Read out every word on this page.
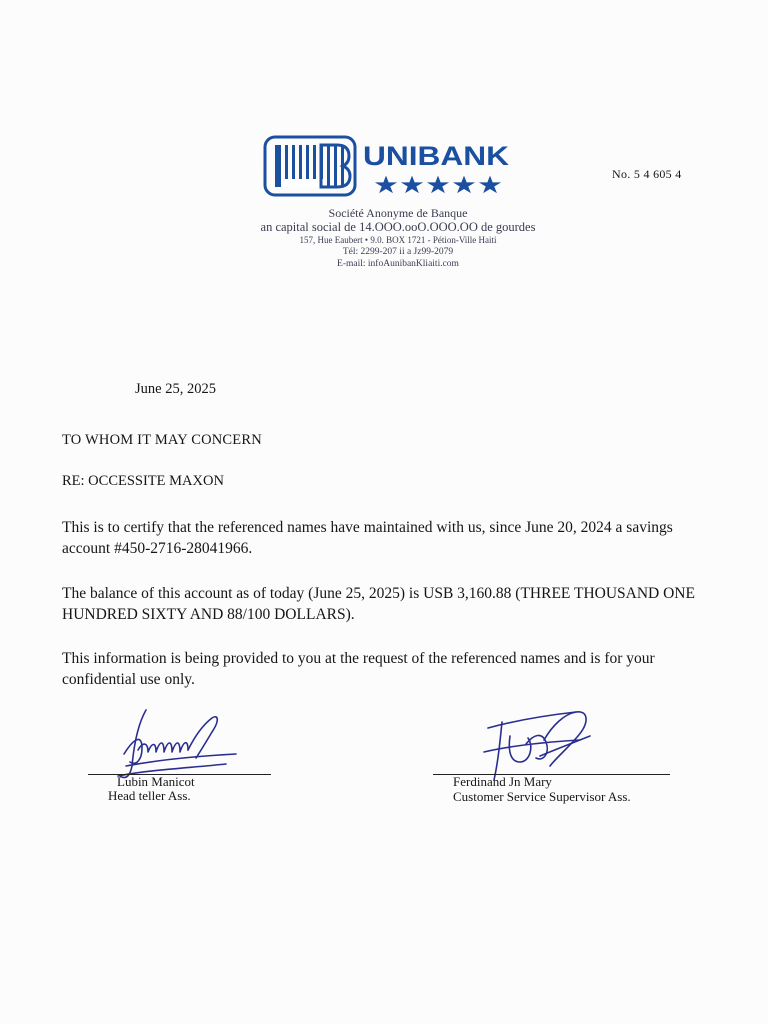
UNIBANK
★★★★★	No. 5 4 605 4
Société Anonyme de Banque
an capital social de 14.OOO.ooO.OOO.OO de gourdes
157, Hue Eaubert • 9.0. BOX 1721 - Pétion-Ville Haiti
Tél: 2299-207 ii a Jz99-2079
E-mail: infoAunibanKliaiti.com
June 25, 2025
TO WHOM IT MAY CONCERN
RE: OCCESSITE MAXON
This is to certify that the referenced names have maintained with us, since June 20, 2024 a savings account #450-2716-28041966.
The balance of this account as of today (June 25, 2025) is USB 3,160.88 (THREE THOUSAND ONE HUNDRED SIXTY AND 88/100 DOLLARS).
This information is being provided to you at the request of the referenced names and is for your confidential use only.
Lubin Manicot
Head teller Ass.
Ferdinand Jn Mary
Customer Service Supervisor Ass.
